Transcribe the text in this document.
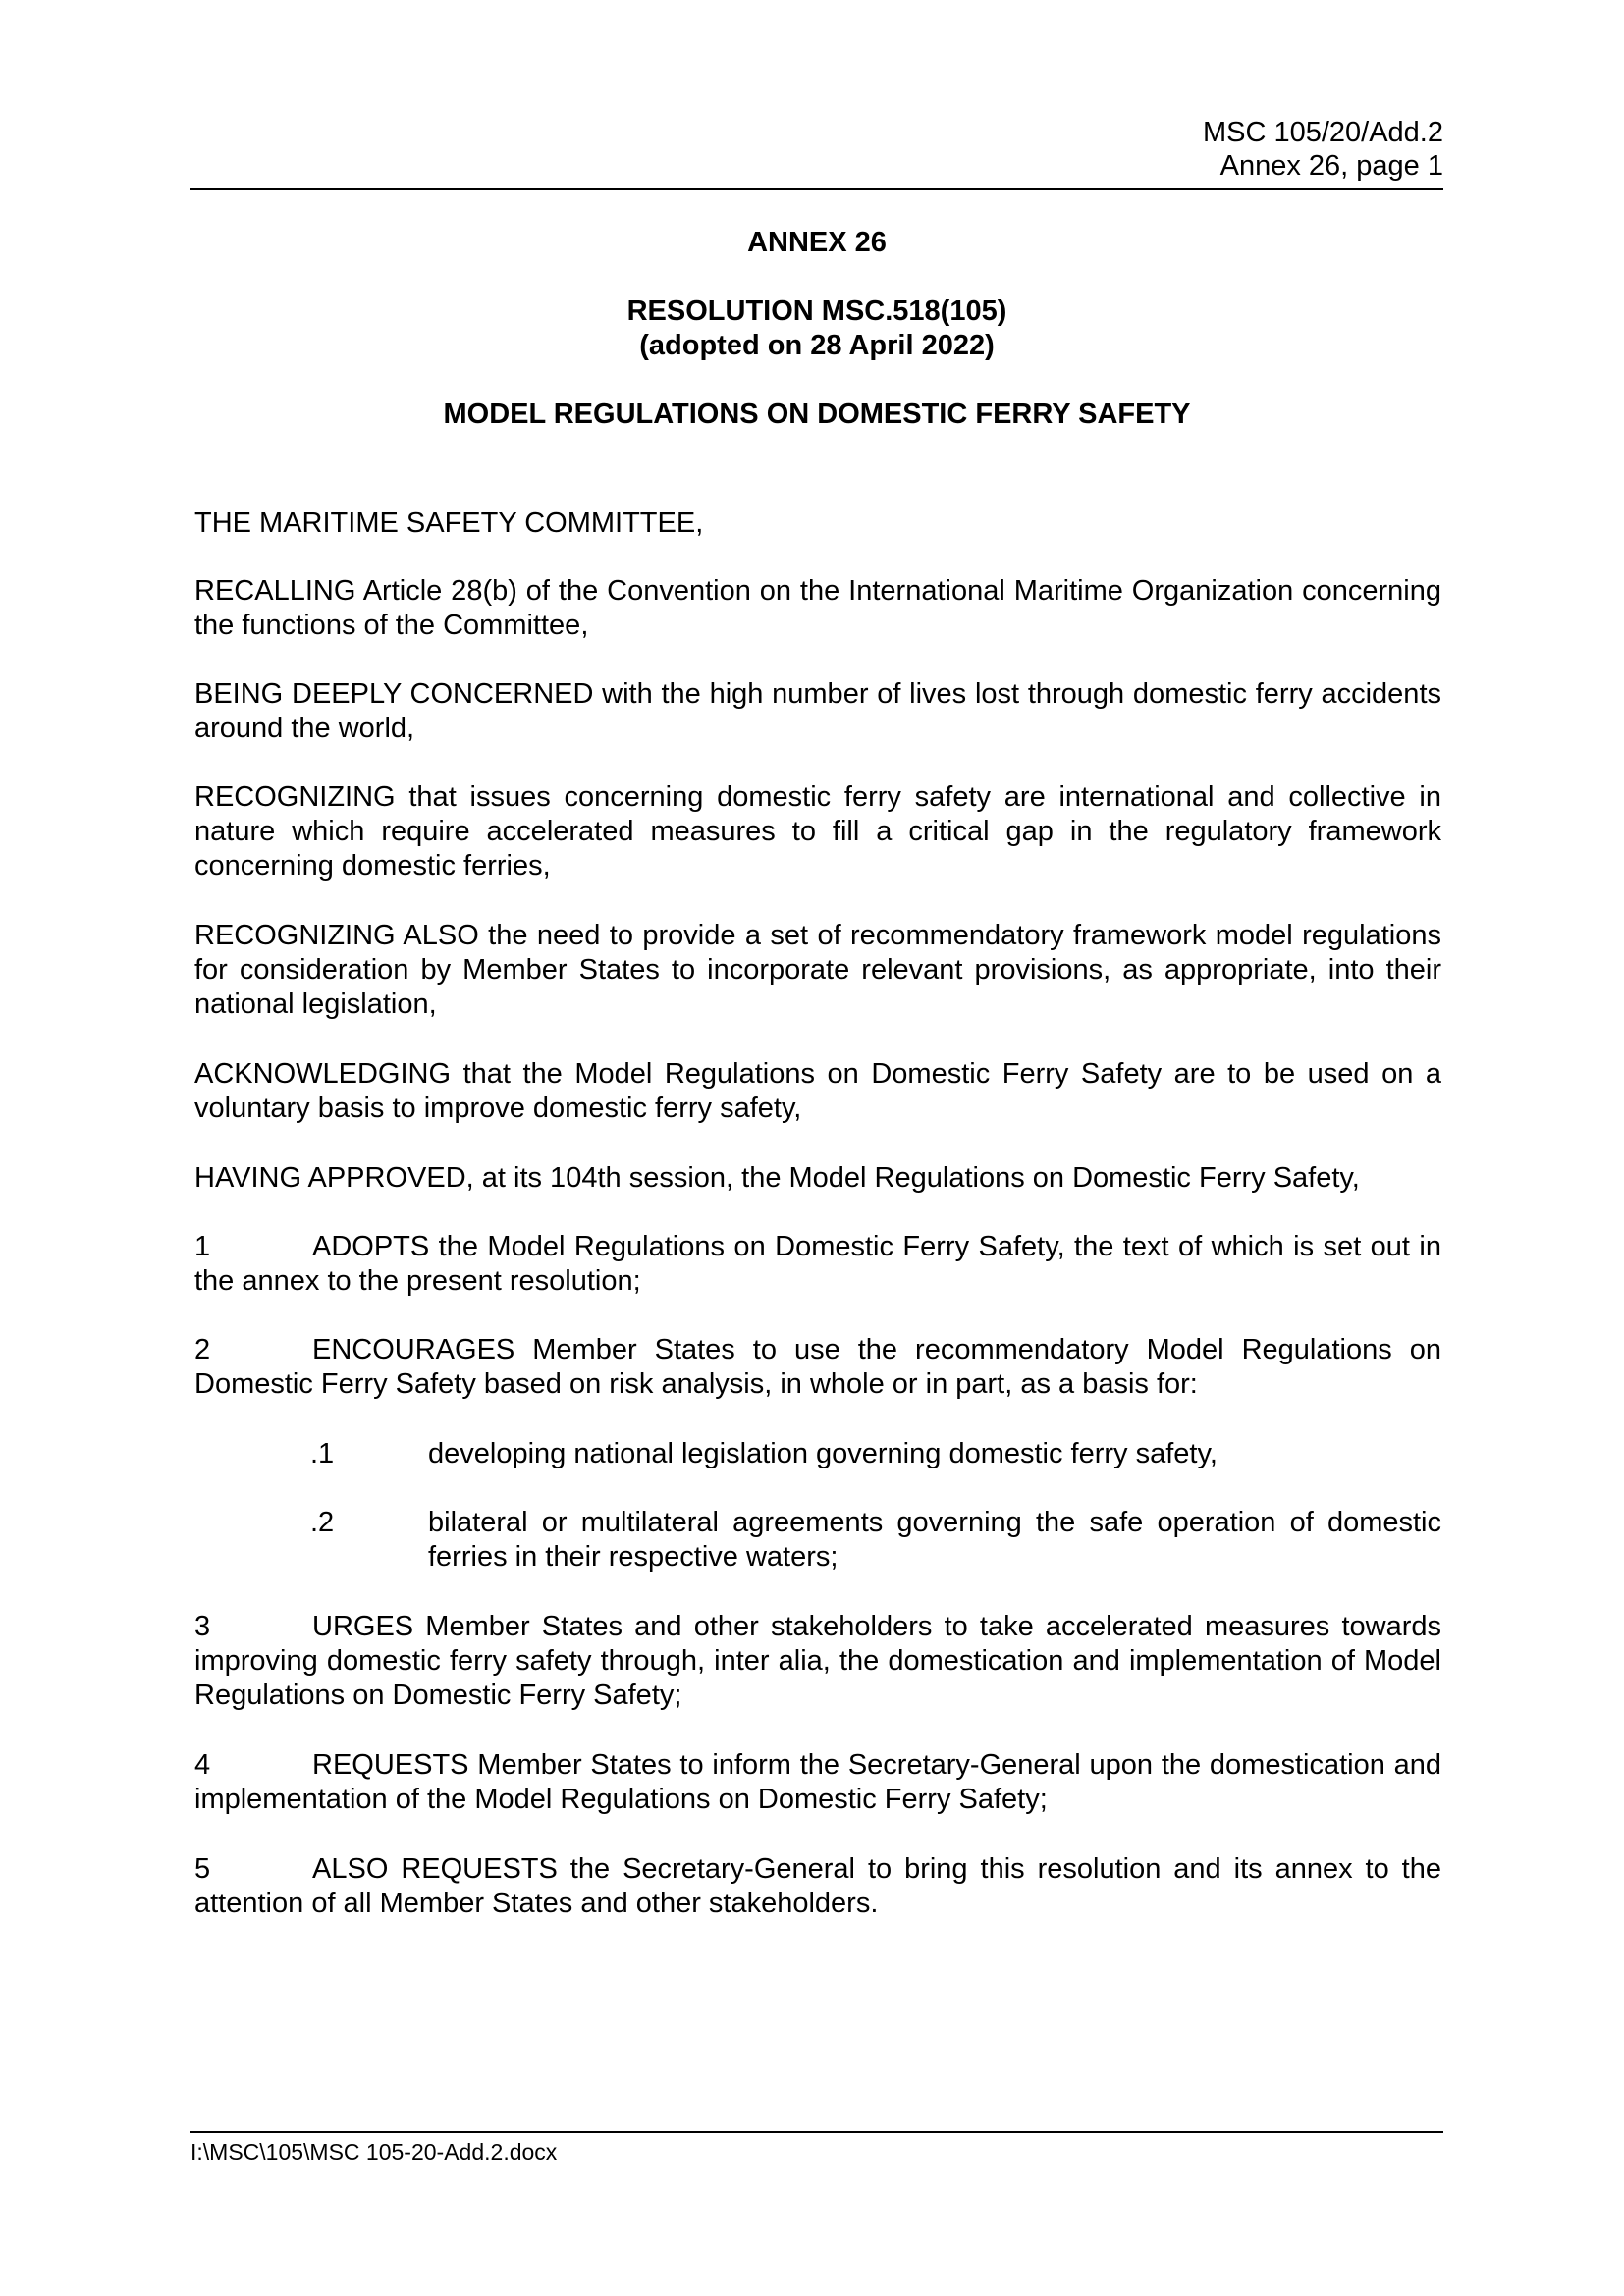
MSC 105/20/Add.2
Annex 26, page 1
ANNEX 26
RESOLUTION MSC.518(105)
(adopted on 28 April 2022)
MODEL REGULATIONS ON DOMESTIC FERRY SAFETY
THE MARITIME SAFETY COMMITTEE,
RECALLING Article 28(b) of the Convention on the International Maritime Organization concerning the functions of the Committee,
BEING DEEPLY CONCERNED with the high number of lives lost through domestic ferry accidents around the world,
RECOGNIZING that issues concerning domestic ferry safety are international and collective in nature which require accelerated measures to fill a critical gap in the regulatory framework concerning domestic ferries,
RECOGNIZING ALSO the need to provide a set of recommendatory framework model regulations for consideration by Member States to incorporate relevant provisions, as appropriate, into their national legislation,
ACKNOWLEDGING that the Model Regulations on Domestic Ferry Safety are to be used on a voluntary basis to improve domestic ferry safety,
HAVING APPROVED, at its 104th session, the Model Regulations on Domestic Ferry Safety,
1	ADOPTS the Model Regulations on Domestic Ferry Safety, the text of which is set out in the annex to the present resolution;
2	ENCOURAGES Member States to use the recommendatory Model Regulations on Domestic Ferry Safety based on risk analysis, in whole or in part, as a basis for:
.1	developing national legislation governing domestic ferry safety,
.2	bilateral or multilateral agreements governing the safe operation of domestic ferries in their respective waters;
3	URGES Member States and other stakeholders to take accelerated measures towards improving domestic ferry safety through, inter alia, the domestication and implementation of Model Regulations on Domestic Ferry Safety;
4	REQUESTS Member States to inform the Secretary-General upon the domestication and implementation of the Model Regulations on Domestic Ferry Safety;
5	ALSO REQUESTS the Secretary-General to bring this resolution and its annex to the attention of all Member States and other stakeholders.
I:\MSC\105\MSC 105-20-Add.2.docx
